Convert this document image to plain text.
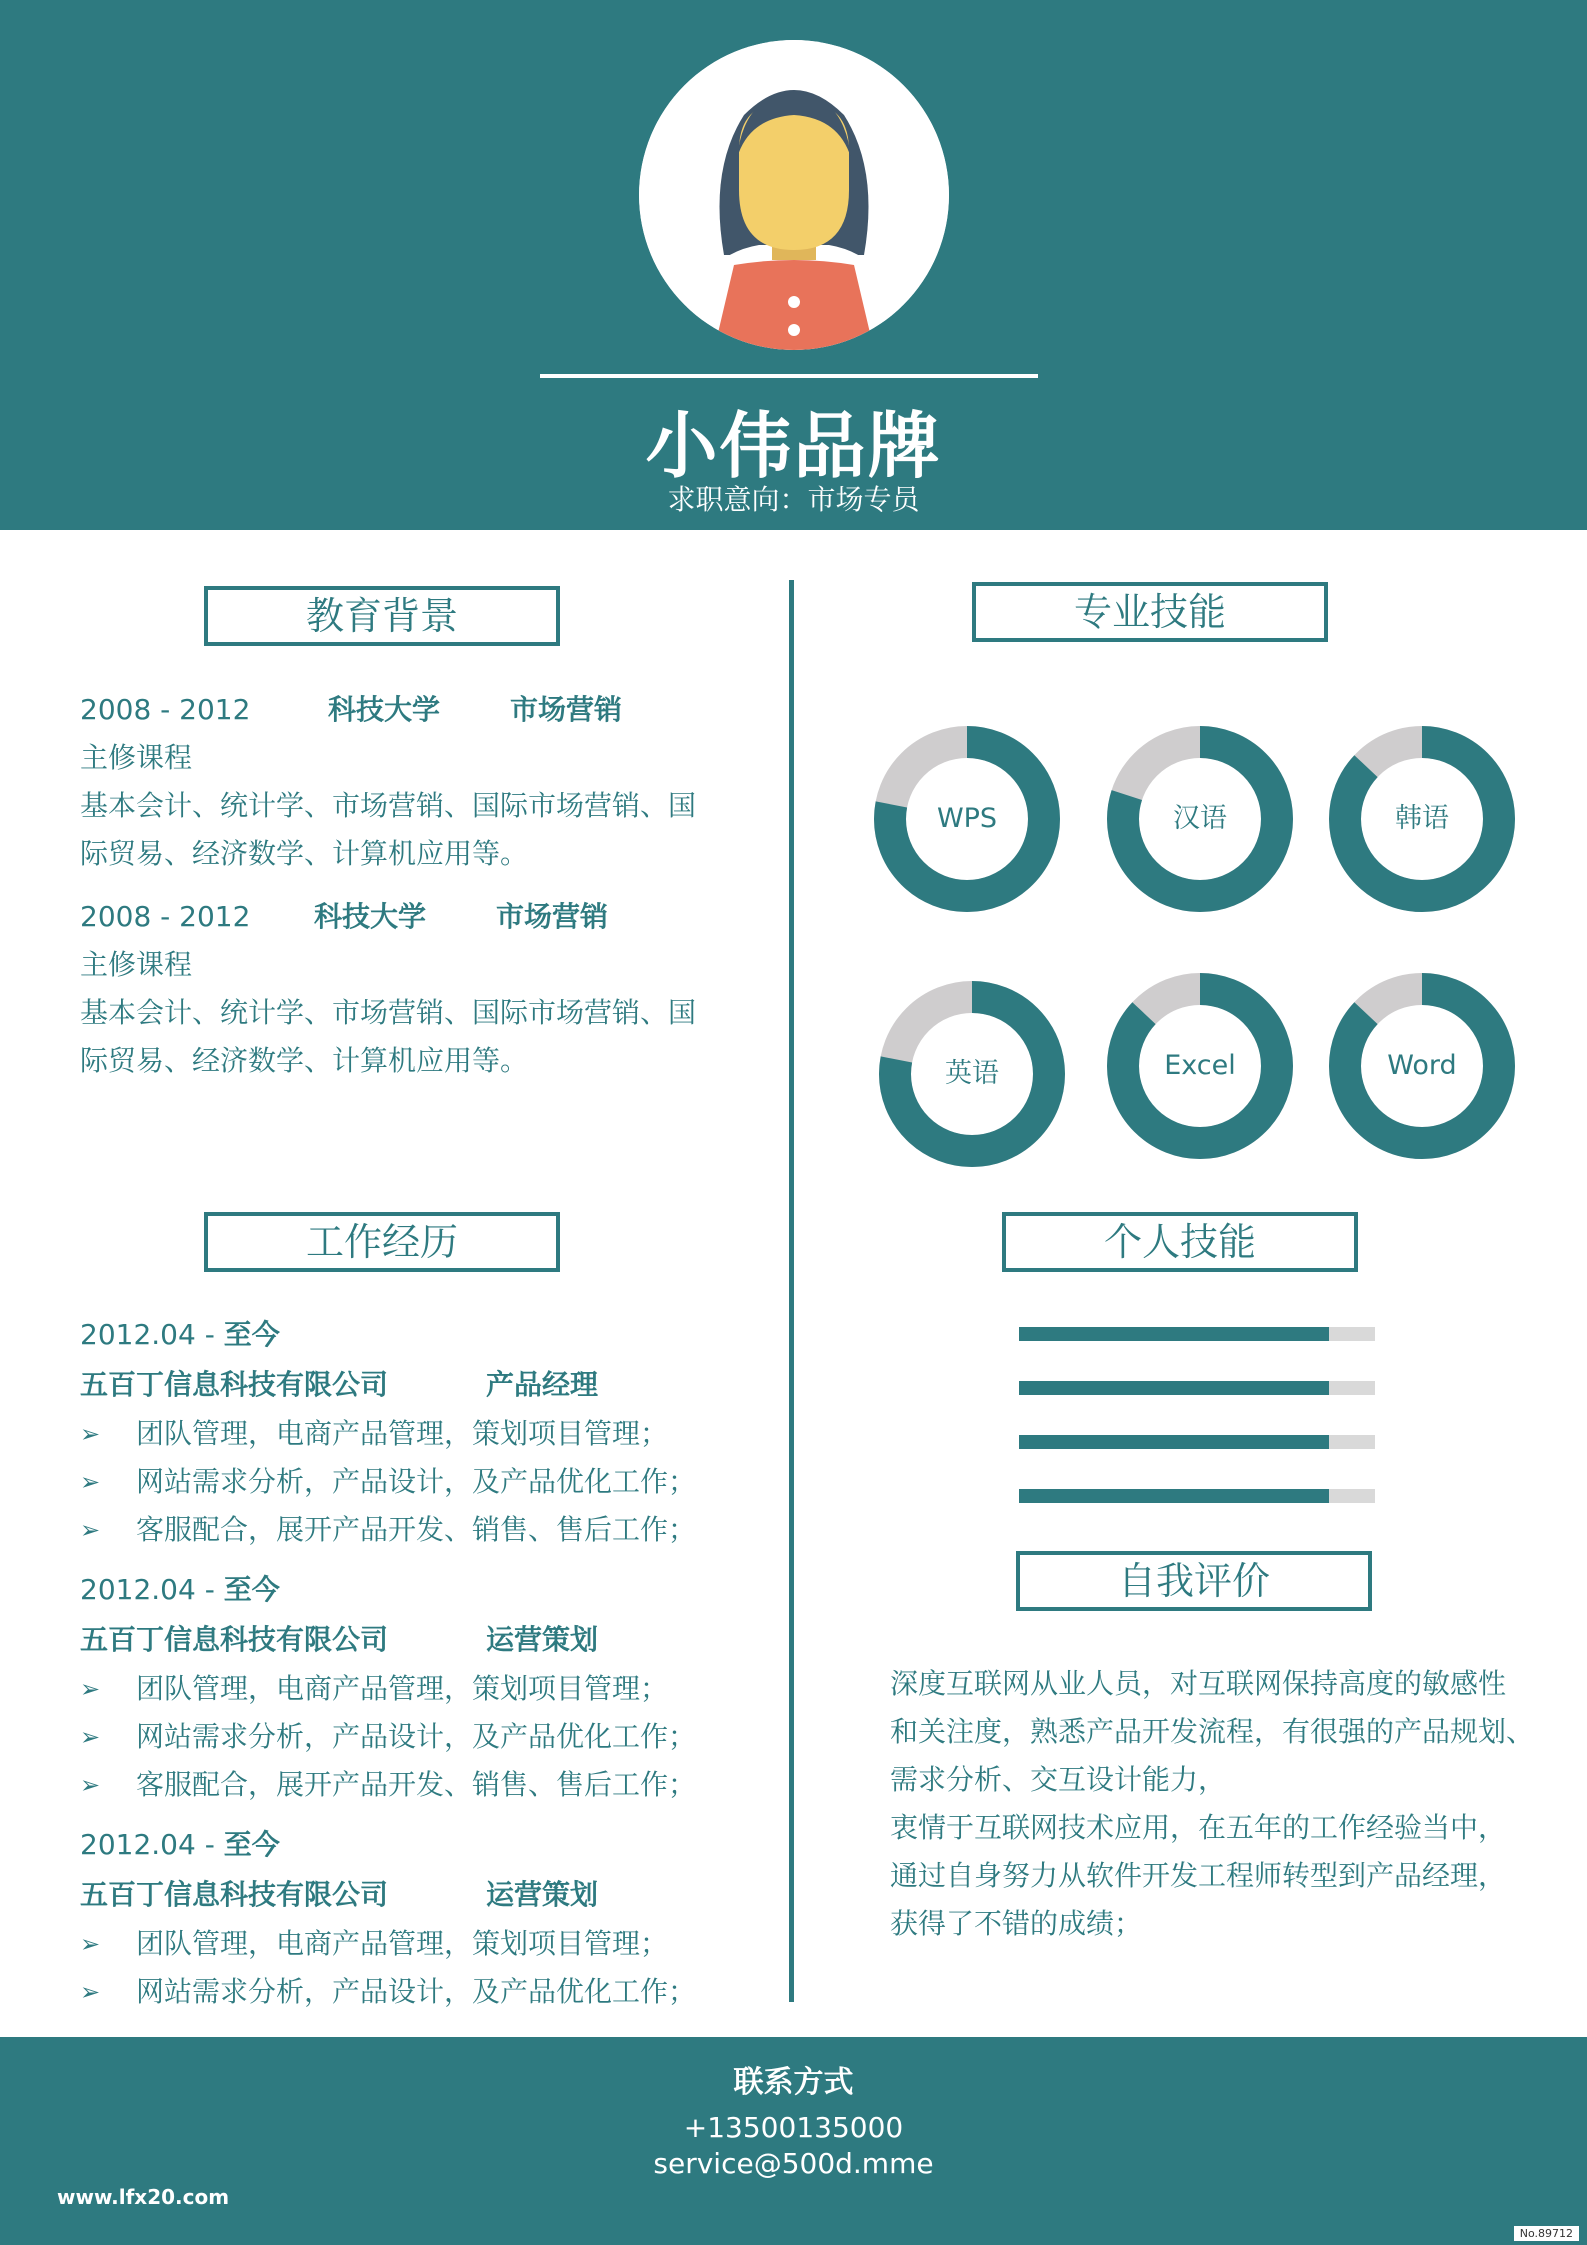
小伟品牌
求职意向：市场专员
教育背景
2008 - 2012	科技大学 市场营销
主修课程
基本会计、统计学、市场营销、国际市场营销、国
际贸易、经济数学、计算机应用等。
2008 - 2012 科技大学 市场营销
主修课程
基本会计、统计学、市场营销、国际市场营销、国
际贸易、经济数学、计算机应用等。
工作经历
2012.04 - 至今
五百丁信息科技有限公司	产品经理
➢ 团队管理，电商产品管理，策划项目管理；
➢ 网站需求分析，产品设计，及产品优化工作；
➢ 客服配合，展开产品开发、销售、售后工作；
2012.04 - 至今
五百丁信息科技有限公司	运营策划
➢ 团队管理，电商产品管理，策划项目管理；
➢ 网站需求分析，产品设计，及产品优化工作；
➢ 客服配合，展开产品开发、销售、售后工作；
2012.04 - 至今
五百丁信息科技有限公司	运营策划
➢ 团队管理，电商产品管理，策划项目管理；
➢ 网站需求分析，产品设计，及产品优化工作；
专业技能
WPS	汉语	韩语
英语	Excel	Word
个人技能
自我评价
深度互联网从业人员，对互联网保持高度的敏感性
和关注度，熟悉产品开发流程，有很强的产品规划、
需求分析、交互设计能力，
衷情于互联网技术应用，在五年的工作经验当中，
通过自身努力从软件开发工程师转型到产品经理，
获得了不错的成绩；
联系方式
+13500135000
service@500d.mme
www.lfx20.com
No.89712
